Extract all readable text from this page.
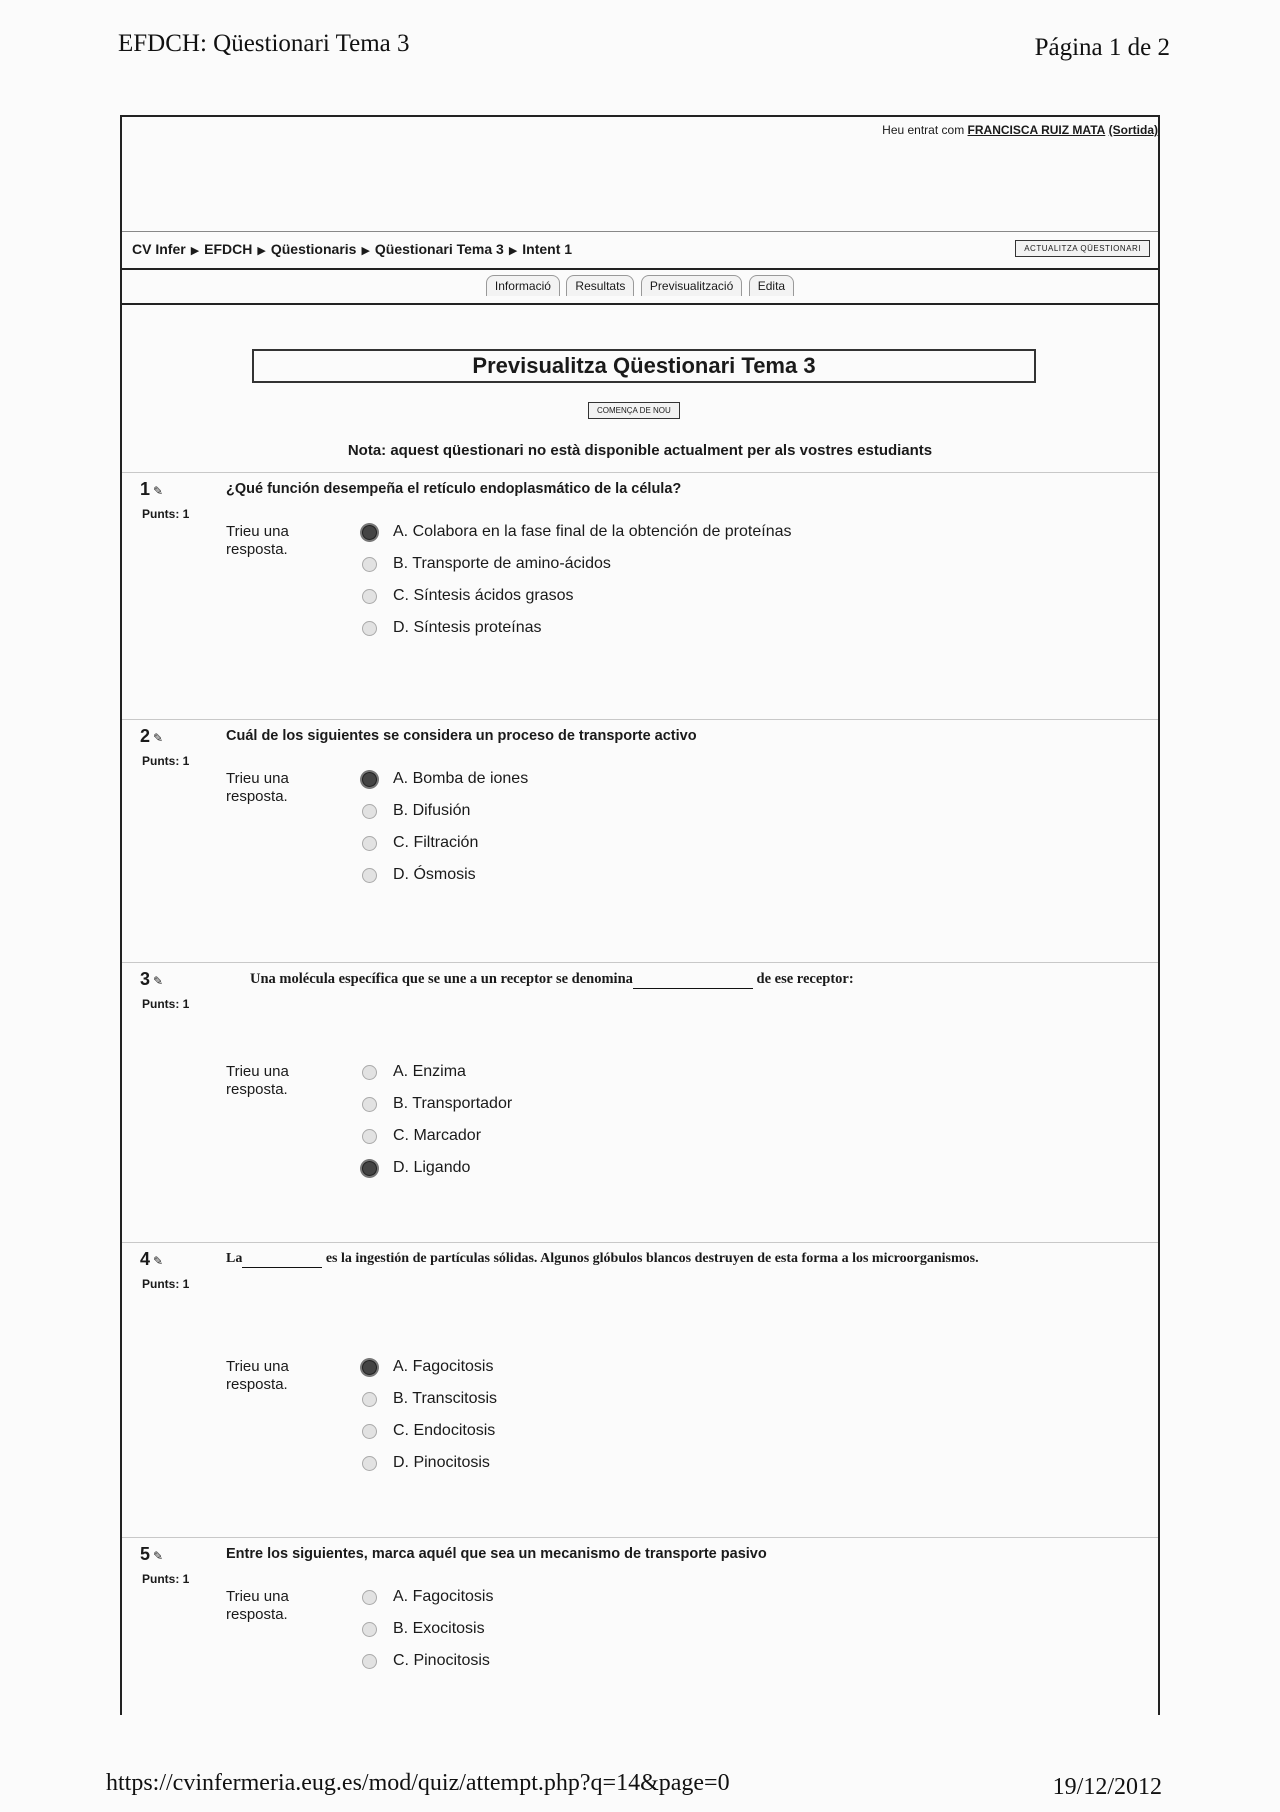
EFDCH: Qüestionari Tema 3	Página 1 de 2
Heu entrat com FRANCISCA RUIZ MATA (Sortida)
CV Infer ▶ EFDCH ▶ Qüestionaris ▶ Qüestionari Tema 3 ▶ Intent 1	ACTUALITZA QÜESTIONARI
Informació Resultats Previsualització Edita
Previsualitza Qüestionari Tema 3
COMENÇA DE NOU
Nota: aquest qüestionari no està disponible actualment per als vostres estudiants
1 ✎
Punts: 1
¿Qué función desempeña el retículo endoplasmático de la célula?
Trieu una resposta.
A. Colabora en la fase final de la obtención de proteínas
B. Transporte de amino-ácidos
C. Síntesis ácidos grasos
D. Síntesis proteínas
2 ✎
Punts: 1
Cuál de los siguientes se considera un proceso de transporte activo
Trieu una resposta.
A. Bomba de iones
B. Difusión
C. Filtración
D. Ósmosis
3 ✎
Punts: 1
Una molécula específica que se une a un receptor se denomina	de ese receptor:
Trieu una resposta.
A. Enzima
B. Transportador
C. Marcador
D. Ligando
4 ✎
Punts: 1
La	es la ingestión de partículas sólidas. Algunos glóbulos blancos destruyen de esta forma a los microorganismos.
Trieu una resposta.
A. Fagocitosis
B. Transcitosis
C. Endocitosis
D. Pinocitosis
5 ✎
Punts: 1
Entre los siguientes, marca aquél que sea un mecanismo de transporte pasivo
Trieu una resposta.
A. Fagocitosis
B. Exocitosis
C. Pinocitosis
https://cvinfermeria.eug.es/mod/quiz/attempt.php?q=14&page=0	19/12/2012
